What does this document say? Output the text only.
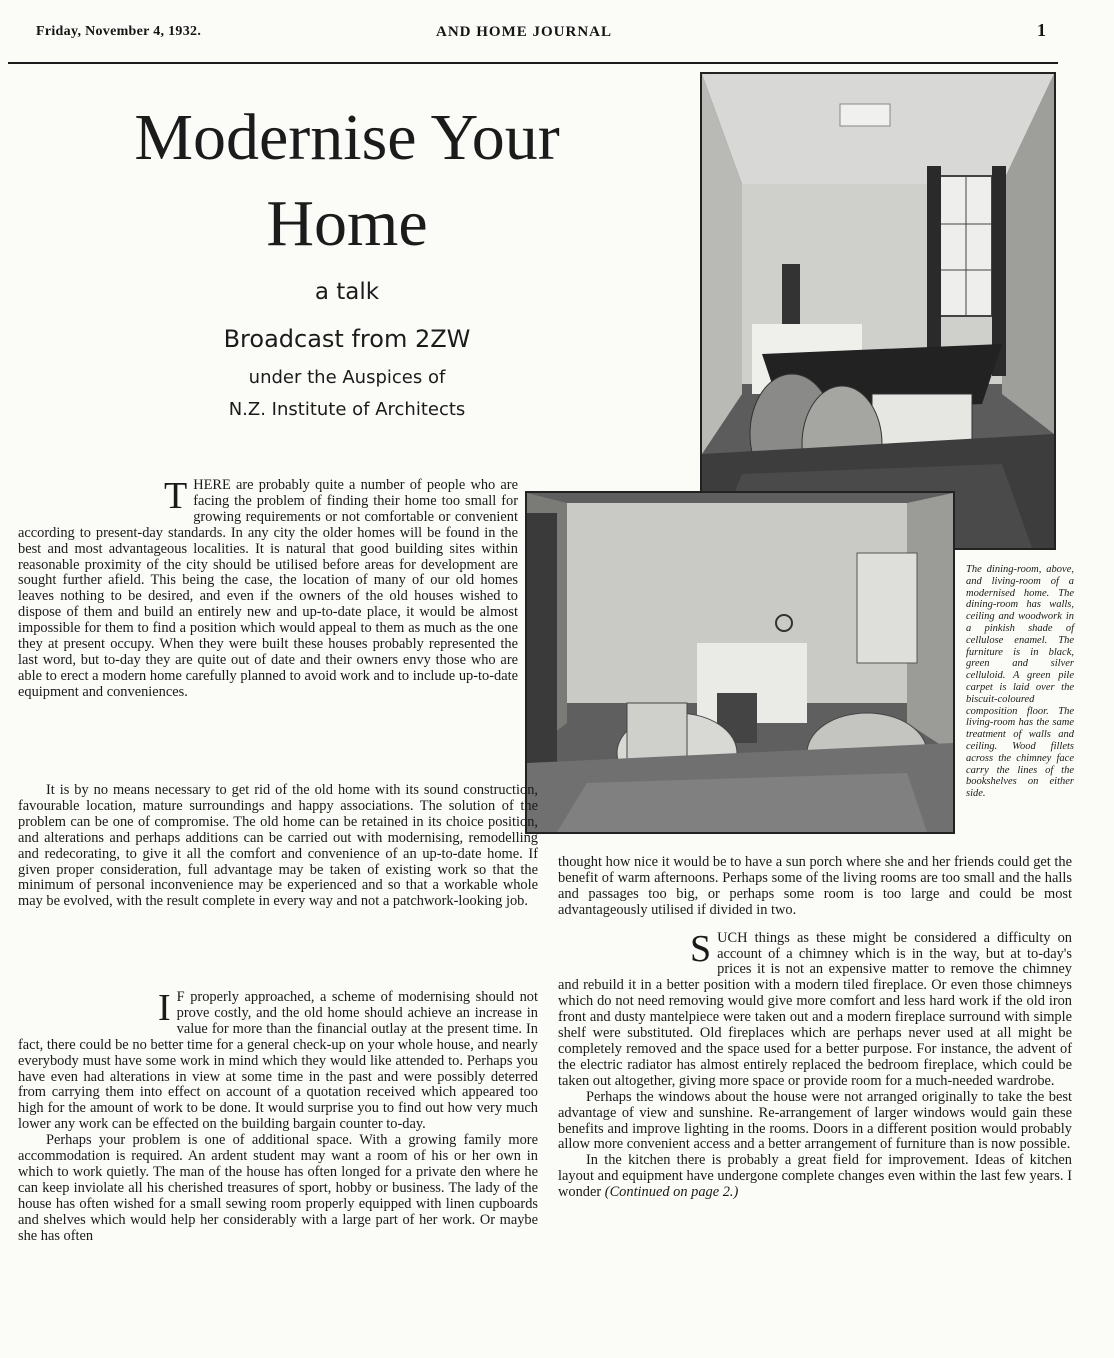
Friday, November 4, 1932.	AND HOME JOURNAL	1
Modernise Your
Home
a talk
Broadcast from 2ZW
under the Auspices of
N.Z. Institute of Architects
The dining-room, above, and living-room of a modernised home. The dining-room has walls, ceiling and woodwork in a pinkish shade of cellulose enamel. The furniture is in black, green and silver celluloid. A green pile carpet is laid over the biscuit-coloured composition floor. The living-room has the same treatment of walls and ceiling. Wood fillets across the chimney face carry the lines of the bookshelves on either side.

THERE are probably quite a number of people who are facing the problem of finding their home too small for growing requirements or not comfortable or convenient according to present-day standards. In any city the older homes will be found in the best and most advantageous localities. It is natural that good building sites within reasonable proximity of the city should be utilised before areas for development are sought further afield. This being the case, the location of many of our old homes leaves nothing to be desired, and even if the owners of the old houses wished to dispose of them and build an entirely new and up-to-date place, it would be almost impossible for them to find a position which would appeal to them as much as the one they at present occupy. When they were built these houses probably represented the last word, but to-day they are quite out of date and their owners envy those who are able to erect a modern home carefully planned to avoid work and to include up-to-date equipment and conveniences.

It is by no means necessary to get rid of the old home with its sound construction, favourable location, mature surroundings and happy associations. The solution of the problem can be one of compromise. The old home can be retained in its choice position, and alterations and perhaps additions can be carried out with modernising, remodelling and redecorating, to give it all the comfort and convenience of an up-to-date home. If given proper consideration, full advantage may be taken of existing work so that the minimum of personal inconvenience may be experienced and so that a workable whole may be evolved, with the result complete in every way and not a patchwork-looking job.

I F properly approached, a scheme of modernising should not prove costly, and the old home should achieve an increase in value for more than the financial outlay at the present time. In fact, there could be no better time for a general check-up on your whole house, and nearly everybody must have some work in mind which they would like attended to. Perhaps you have even had alterations in view at some time in the past and were possibly deterred from carrying them into effect on account of a quotation received which appeared too high for the amount of work to be done. It would surprise you to find out how very much lower any work can be effected on the building bargain counter to-day.

Perhaps your problem is one of additional space. With a growing family more accommodation is required. An ardent student may want a room of his or her own in which to work quietly. The man of the house has often longed for a private den where he can keep inviolate all his cherished treasures of sport, hobby or business. The lady of the house has often wished for a small sewing room properly equipped with linen cupboards and shelves which would help her considerably with a large part of her work. Or maybe she has often

thought how nice it would be to have a sun porch where she and her friends could get the benefit of warm afternoons. Perhaps some of the living rooms are too small and the halls and passages too big, or perhaps some room is too large and could be most advantageously utilised if divided in two.

SUCH things as these might be considered a difficulty on account of a chimney which is in the way, but at to-day's prices it is not an expensive matter to remove the chimney and rebuild it in a better position with a modern tiled fireplace. Or even those chimneys which do not need removing would give more comfort and less hard work if the old iron front and dusty mantelpiece were taken out and a modern fireplace surround with simple shelf were substituted. Old fireplaces which are perhaps never used at all might be completely removed and the space used for a better purpose. For instance, the advent of the electric radiator has almost entirely replaced the bedroom fireplace, which could be taken out altogether, giving more space or provide room for a much-needed wardrobe.

Perhaps the windows about the house were not arranged originally to take the best advantage of view and sunshine. Re-arrangement of larger windows would gain these benefits and improve lighting in the rooms. Doors in a different position would probably allow more convenient access and a better arrangement of furniture than is now possible.

In the kitchen there is probably a great field for improvement. Ideas of kitchen layout and equipment have undergone complete changes even within the last few years. I wonder (Continued on page 2.)
